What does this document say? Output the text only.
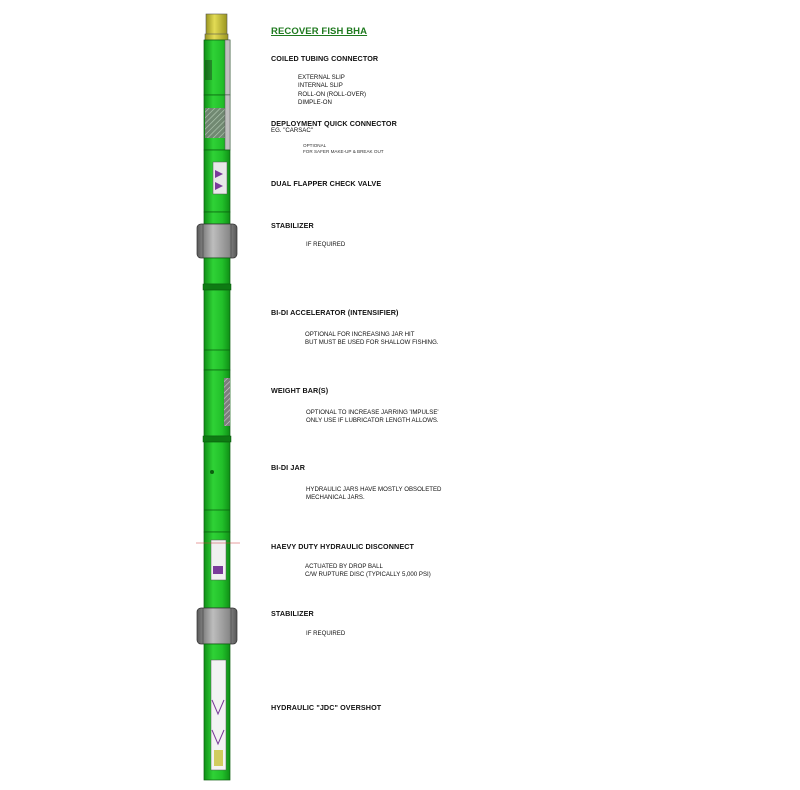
RECOVER FISH BHA
COILED TUBING CONNECTOR
EXTERNAL SLIP
INTERNAL SLIP
ROLL-ON (ROLL-OVER)
DIMPLE-ON
DEPLOYMENT QUICK CONNECTOR
EG. "CARSAC"
OPTIONAL
FOR SAFER MAKE-UP & BREAK OUT
DUAL FLAPPER CHECK VALVE
STABILIZER
IF REQUIRED
BI-DI ACCELERATOR (INTENSIFIER)
OPTIONAL FOR INCREASING JAR HIT
BUT MUST BE USED FOR SHALLOW FISHING.
WEIGHT BAR(S)
OPTIONAL TO INCREASE JARRING 'IMPULSE'
ONLY USE IF LUBRICATOR LENGTH ALLOWS.
BI-DI JAR
HYDRAULIC JARS HAVE MOSTLY OBSOLETED
MECHANICAL JARS.
HAEVY DUTY HYDRAULIC DISCONNECT
ACTUATED BY DROP BALL
C/W RUPTURE DISC (TYPICALLY 5,000 PSI)
STABILIZER
IF REQUIRED
HYDRAULIC "JDC" OVERSHOT
